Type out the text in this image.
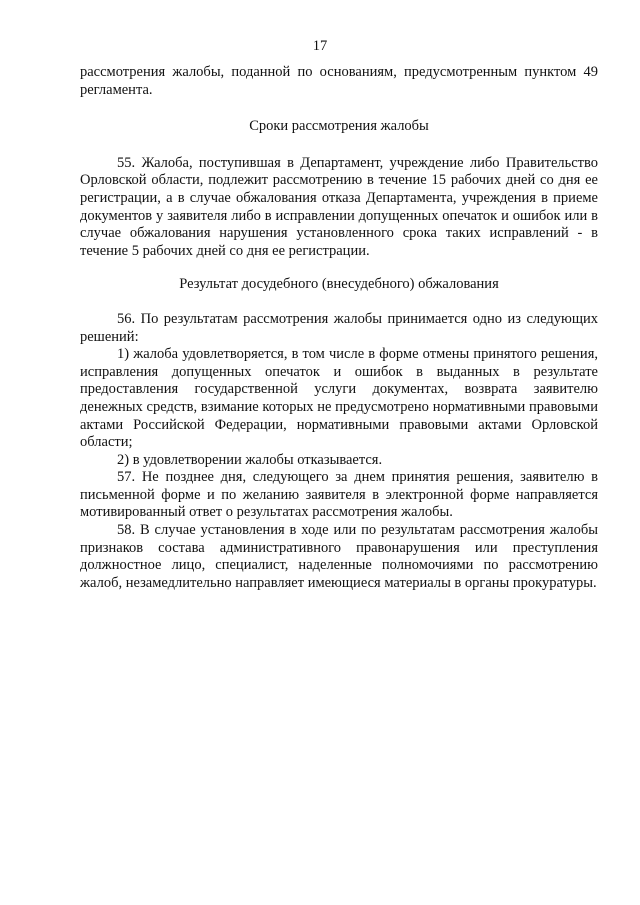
17

рассмотрения жалобы, поданной по основаниям, предусмотренным пунктом 49 регламента.

Сроки рассмотрения жалобы

55. Жалоба, поступившая в Департамент, учреждение либо Правительство Орловской области, подлежит рассмотрению в течение 15 рабочих дней со дня ее регистрации, а в случае обжалования отказа Департамента, учреждения в приеме документов у заявителя либо в исправлении допущенных опечаток и ошибок или в случае обжалования нарушения установленного срока таких исправлений - в течение 5 рабочих дней со дня ее регистрации.

Результат досудебного (внесудебного) обжалования

56. По результатам рассмотрения жалобы принимается одно из следующих решений:

1) жалоба удовлетворяется, в том числе в форме отмены принятого решения, исправления допущенных опечаток и ошибок в выданных в результате предоставления государственной услуги документах, возврата заявителю денежных средств, взимание которых не предусмотрено нормативными правовыми актами Российской Федерации, нормативными правовыми актами Орловской области;

2) в удовлетворении жалобы отказывается.

57. Не позднее дня, следующего за днем принятия решения, заявителю в письменной форме и по желанию заявителя в электронной форме направляется мотивированный ответ о результатах рассмотрения жалобы.

58. В случае установления в ходе или по результатам рассмотрения жалобы признаков состава административного правонарушения или преступления должностное лицо, специалист, наделенные полномочиями по рассмотрению жалоб, незамедлительно направляет имеющиеся материалы в органы прокуратуры.
